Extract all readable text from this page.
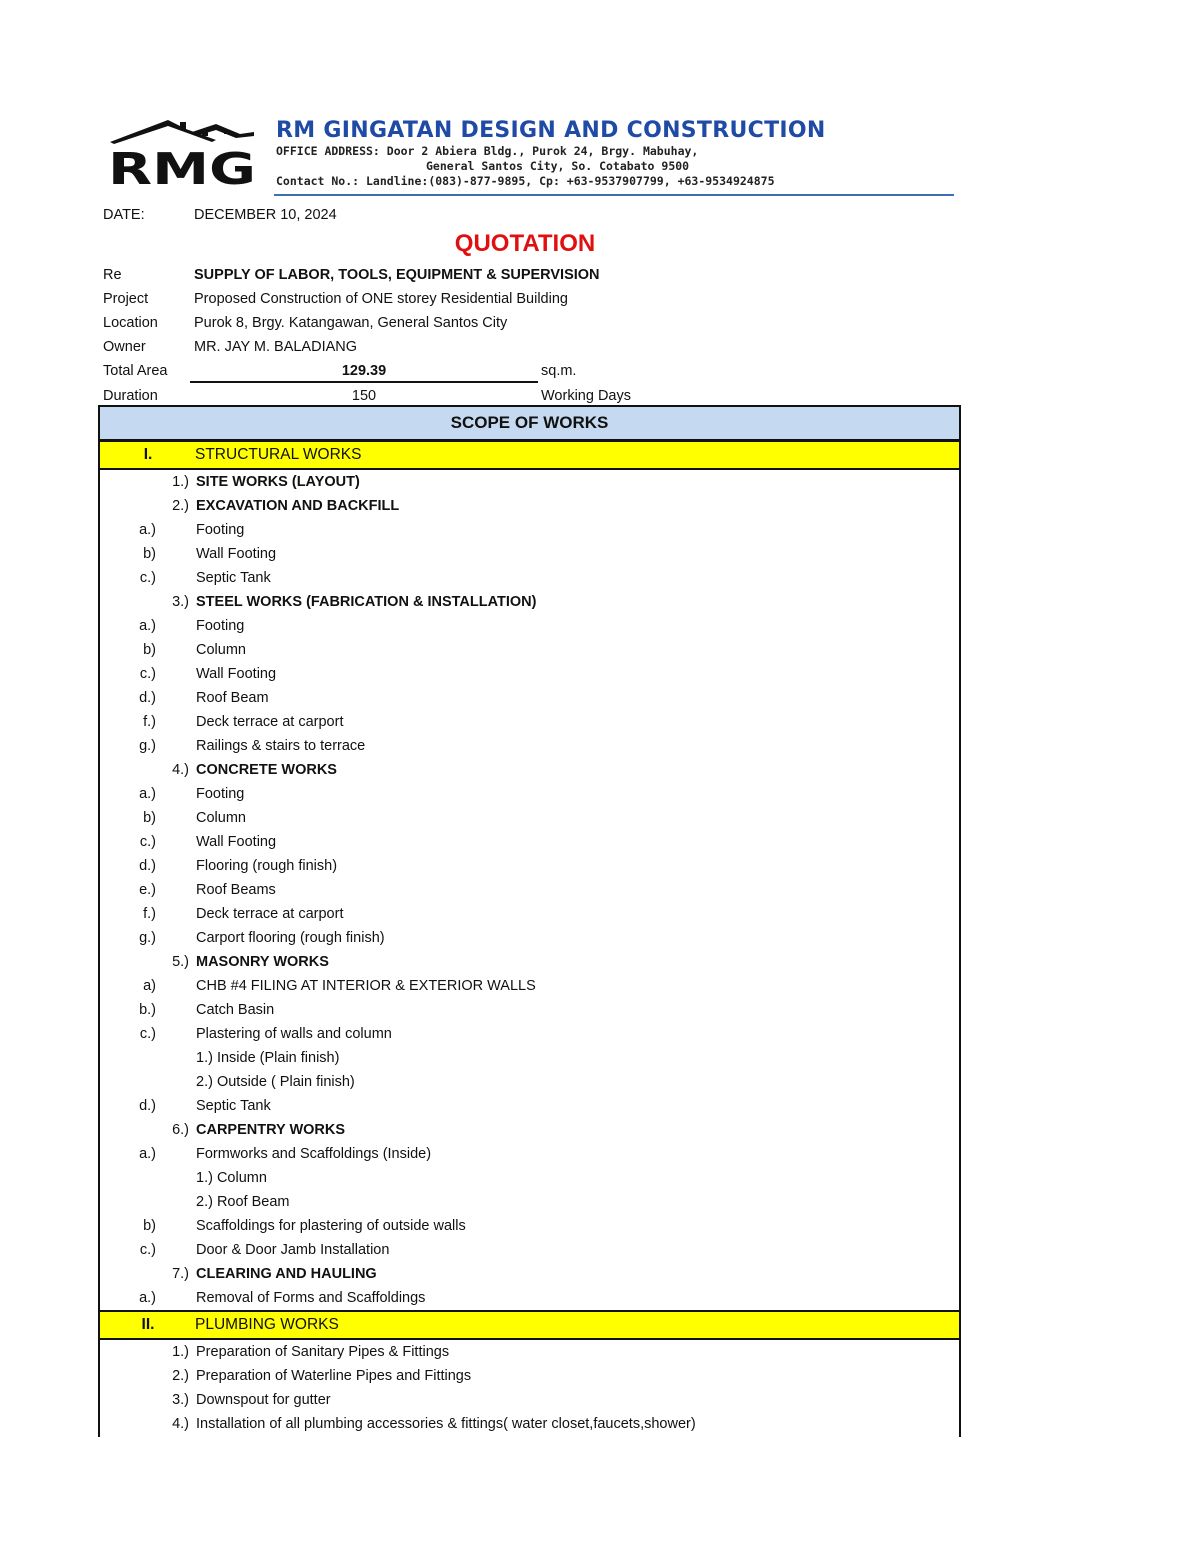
RMG
RM GINGATAN DESIGN AND CONSTRUCTION
OFFICE ADDRESS: Door 2 Abiera Bldg., Purok 24, Brgy. Mabuhay,
General Santos City, So. Cotabato 9500
Contact No.: Landline:(083)-877-9895, Cp: +63-9537907799, +63-9534924875
DATE:	DECEMBER 10, 2024
QUOTATION
Re	SUPPLY OF LABOR, TOOLS, EQUIPMENT & SUPERVISION
Project	Proposed Construction of ONE storey Residential Building
Location Purok 8, Brgy. Katangawan, General Santos City
Owner	MR. JAY M. BALADIANG
Total Area	129.39	sq.m.
Duration	150	Working Days
SCOPE OF WORKS
I.	STRUCTURAL WORKS
1.) SITE WORKS (LAYOUT)
2.) EXCAVATION AND BACKFILL
a.)	Footing
b)	Wall Footing
c.)	Septic Tank
3.) STEEL WORKS (FABRICATION & INSTALLATION)
a.)	Footing
b)	Column
c.)	Wall Footing
d.)	Roof Beam
f.)	Deck terrace at carport
g.)	Railings & stairs to terrace
4.) CONCRETE WORKS
a.)	Footing
b)	Column
c.)	Wall Footing
d.)	Flooring (rough finish)
e.)	Roof Beams
f.)	Deck terrace at carport
g.)	Carport flooring (rough finish)
5.) MASONRY WORKS
a)	CHB #4 FILING AT INTERIOR & EXTERIOR WALLS
b.)	Catch Basin
c.)	Plastering of walls and column
1.) Inside (Plain finish)
2.) Outside ( Plain finish)
d.)	Septic Tank
6.) CARPENTRY WORKS
a.)	Formworks and Scaffoldings (Inside)
1.) Column
2.) Roof Beam
b)	Scaffoldings for plastering of outside walls
c.)	Door & Door Jamb Installation
7.) CLEARING AND HAULING
a.)	Removal of Forms and Scaffoldings
II.	PLUMBING WORKS
1.) Preparation of Sanitary Pipes & Fittings
2.) Preparation of Waterline Pipes and Fittings
3.) Downspout for gutter
4.) Installation of all plumbing accessories & fittings( water closet,faucets,shower)
